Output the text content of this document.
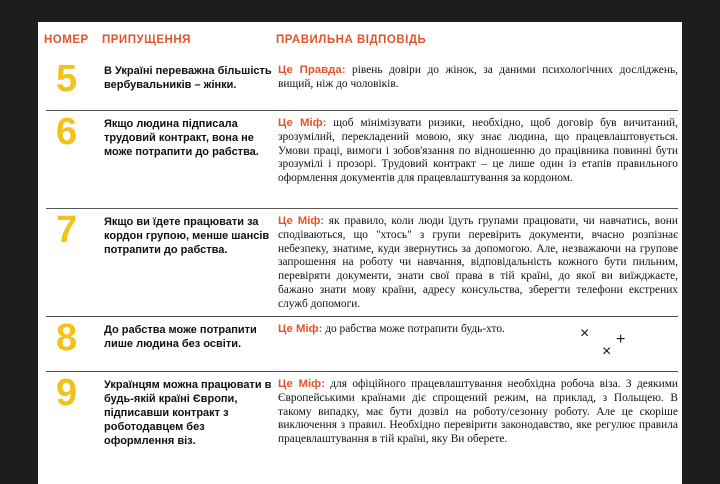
НОМЕР ПРИПУЩЕННЯ	ПРАВИЛЬНА ВІДПОВІДЬ
5 В Україні переважна більшість вербувальників – жінки.
Це Правда: рівень довіри до жінок, за даними психологічних досліджень, вищий, ніж до чоловіків.
6 Якщо людина підписала трудовий контракт, вона не може потрапити до рабства.
Це Міф: щоб мінімізувати ризики, необхідно, щоб договір був вичитаний, зрозумілий, перекладений мовою, яку знає людина, що працевлаштовується. Умови праці, вимоги і зобов'язання по відношенню до працівника повинні бути зрозумілі і прозорі. Трудовий контракт – це лише один із етапів правильного оформлення документів для працевлаштування за кордоном.
7 Якщо ви їдете працювати за кордон групою, менше шансів потрапити до рабства.
Це Міф: як правило, коли люди їдуть групами працювати, чи навчатись, вони сподіваються, що "хтось" з групи перевірить документи, вчасно розпізнає небезпеку, знатиме, куди звернутись за допомогою. Але, незважаючи на групове запрошення на роботу чи навчання, відповідальність кожного бути пильним, перевіряти документи, знати свої права в тій країні, до якої ви виїжджаєте, бажано знати мову країни, адресу консульства, зберегти телефони екстрених служб допомоги.
8 До рабства може потрапити лише людина без освіти.
Це Міф: до рабства може потрапити будь-хто.	×
×
+
9 Українцям можна працювати в будь-якій країні Європи, підписавши контракт з роботодавцем без оформлення віз.
Це Міф: для офіційного працевлаштування необхідна робоча віза. З деякими Європейськими країнами діє спрощений режим, на приклад, з Польщею. В такому випадку, має бути дозвіл на роботу/сезонну роботу. Але це скоріше виключення з правил. Необхідно перевірити законодавство, яке регулює правила працевлаштування в тій країні, яку Ви оберете.
